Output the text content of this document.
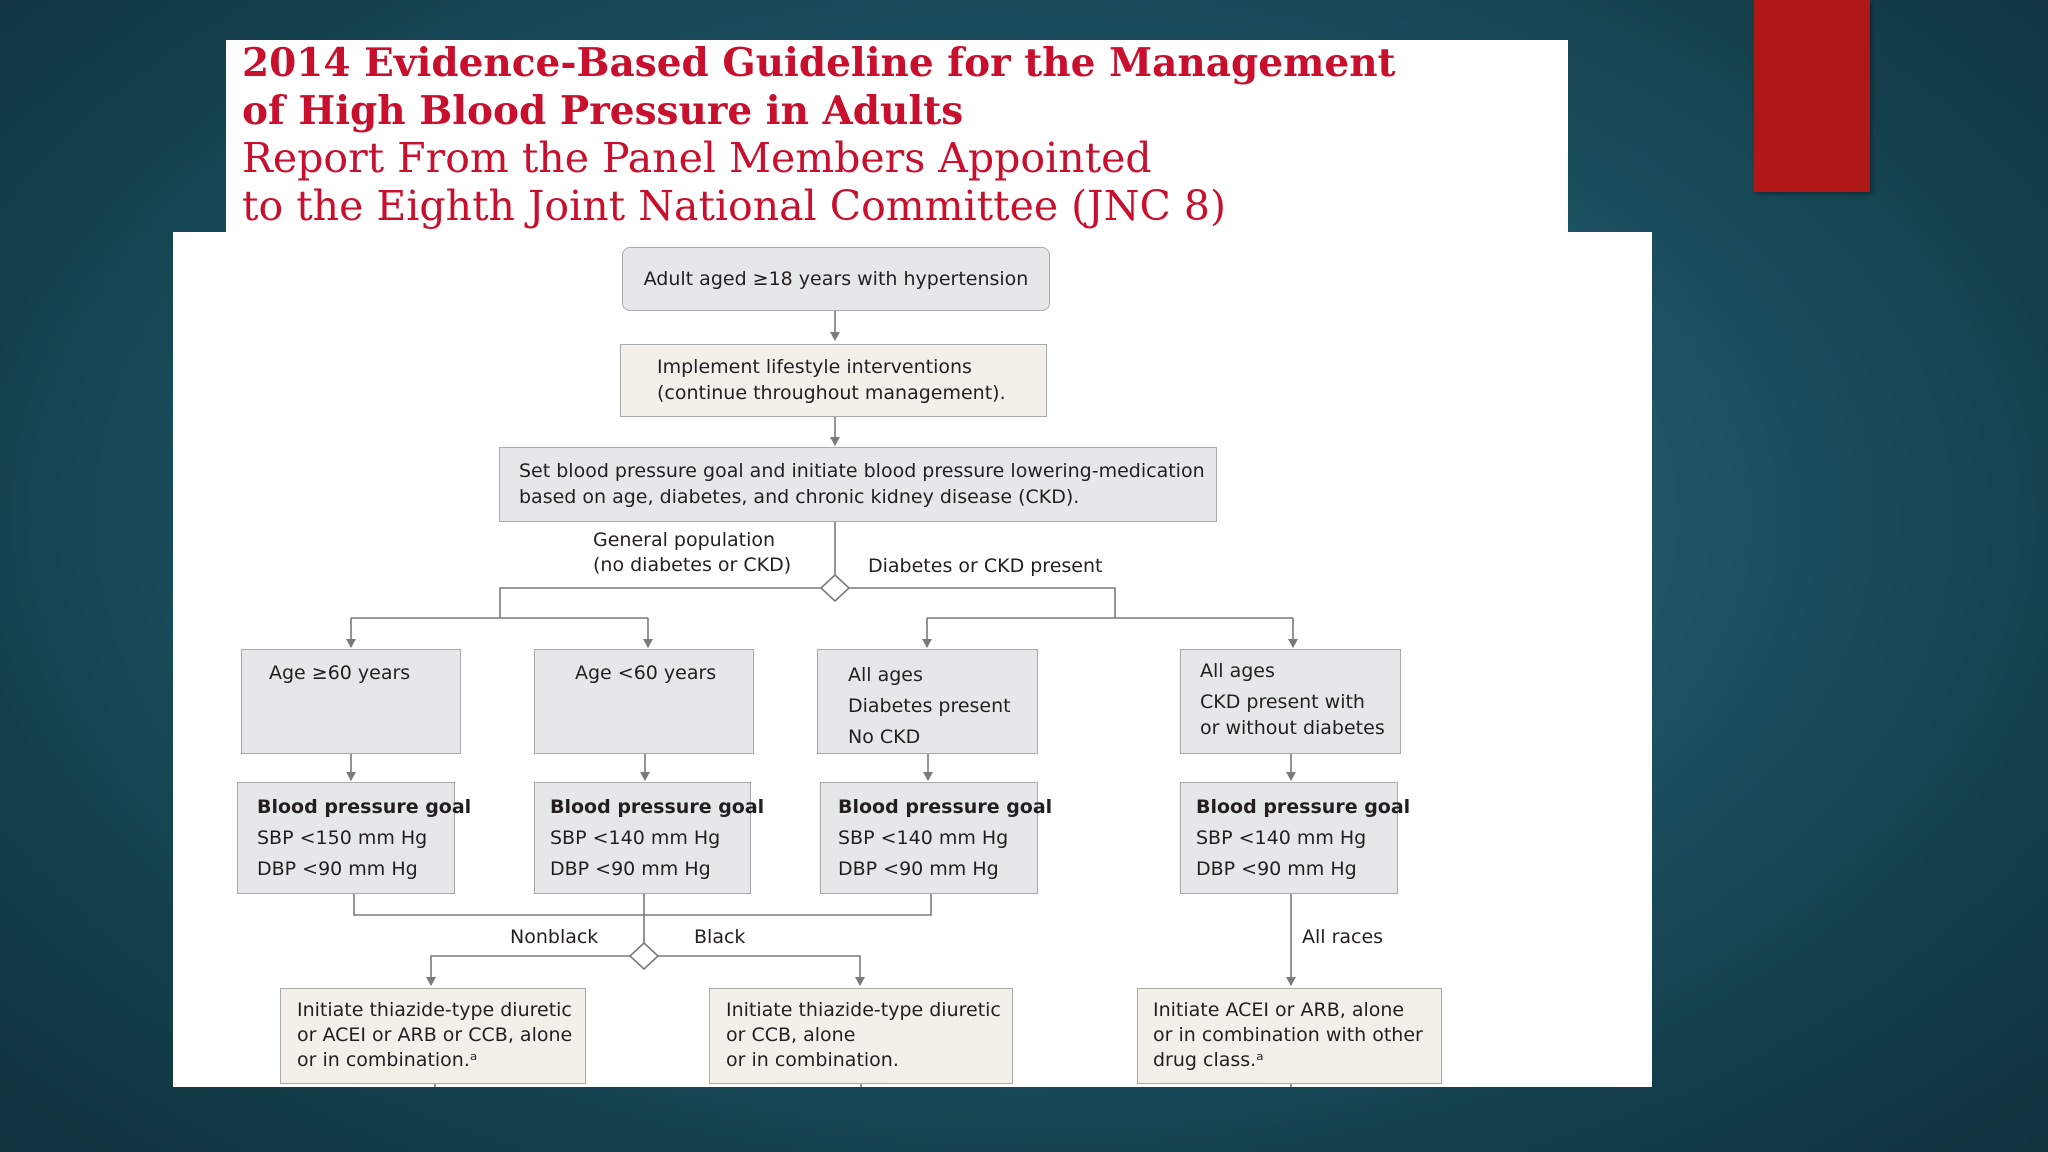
2014 Evidence-Based Guideline for the Management
of High Blood Pressure in Adults
Report From the Panel Members Appointed
to the Eighth Joint National Committee (JNC 8)
Adult aged ≥18 years with hypertension
Implement lifestyle interventions
(continue throughout management).
Set blood pressure goal and initiate blood pressure lowering-medication
based on age, diabetes, and chronic kidney disease (CKD).
General population
(no diabetes or CKD)	Diabetes or CKD present
Age ≥60 years	Age <60 years	All ages
Diabetes present
No CKD
All ages
CKD present with
or without diabetes
Blood pressure goal
SBP <150 mm Hg
DBP <90 mm Hg
Blood pressure goal
SBP <140 mm Hg
DBP <90 mm Hg
Blood pressure goal
SBP <140 mm Hg
DBP <90 mm Hg
Blood pressure goal
SBP <140 mm Hg
DBP <90 mm Hg
Nonblack	Black	All races
Initiate thiazide-type diuretic
or ACEI or ARB or CCB, alone
or in combination.ᵃ
Initiate thiazide-type diuretic
or CCB, alone
or in combination.
Initiate ACEI or ARB, alone
or in combination with other
drug class.ᵃ
